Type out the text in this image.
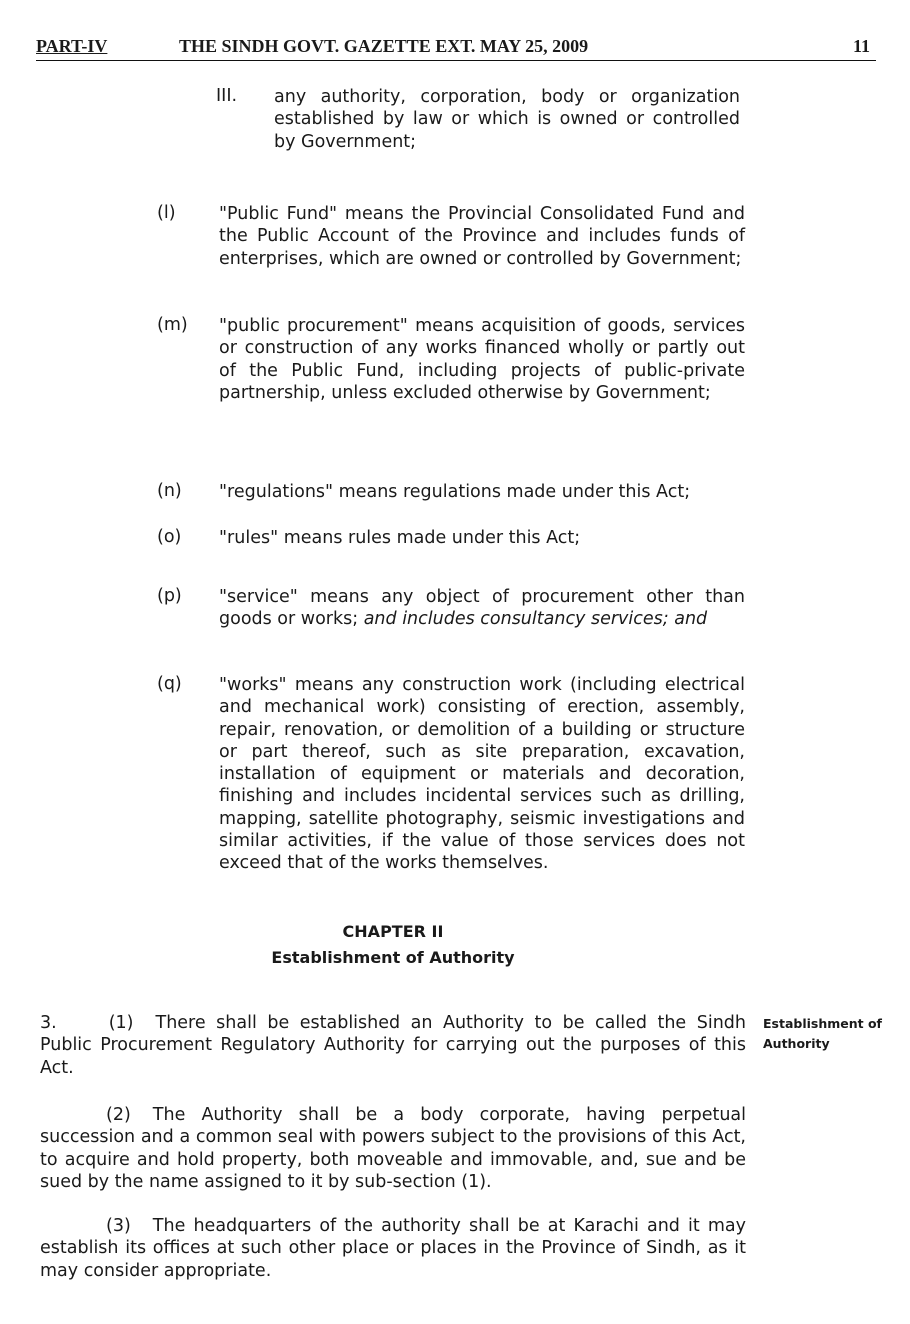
PART-IV	THE SINDH GOVT. GAZETTE EXT. MAY 25, 2009	11
III. any authority, corporation, body or organization established by law or which is owned or controlled by Government;
(l) "Public Fund" means the Provincial Consolidated Fund and the Public Account of the Province and includes funds of enterprises, which are owned or controlled by Government;
(m) "public procurement" means acquisition of goods, services or construction of any works financed wholly or partly out of the Public Fund, including projects of public-private partnership, unless excluded otherwise by Government;
(n) "regulations" means regulations made under this Act;
(o) "rules" means rules made under this Act;
(p) "service" means any object of procurement other than goods or works; and includes consultancy services; and
(q) "works" means any construction work (including electrical and mechanical work) consisting of erection, assembly, repair, renovation, or demolition of a building or structure or part thereof, such as site preparation, excavation, installation of equipment or materials and decoration, finishing and includes incidental services such as drilling, mapping, satellite photography, seismic investigations and similar activities, if the value of those services does not exceed that of the works themselves.
CHAPTER II
Establishment of Authority
Establishment of
Authority
3.	(1) There shall be established an Authority to be called the Sindh Public Procurement Regulatory Authority for carrying out the purposes of this Act.
(2) The Authority shall be a body corporate, having perpetual succession and a common seal with powers subject to the provisions of this Act, to acquire and hold property, both moveable and immovable, and, sue and be sued by the name assigned to it by sub-section (1).
(3) The headquarters of the authority shall be at Karachi and it may establish its offices at such other place or places in the Province of Sindh, as it may consider appropriate.
